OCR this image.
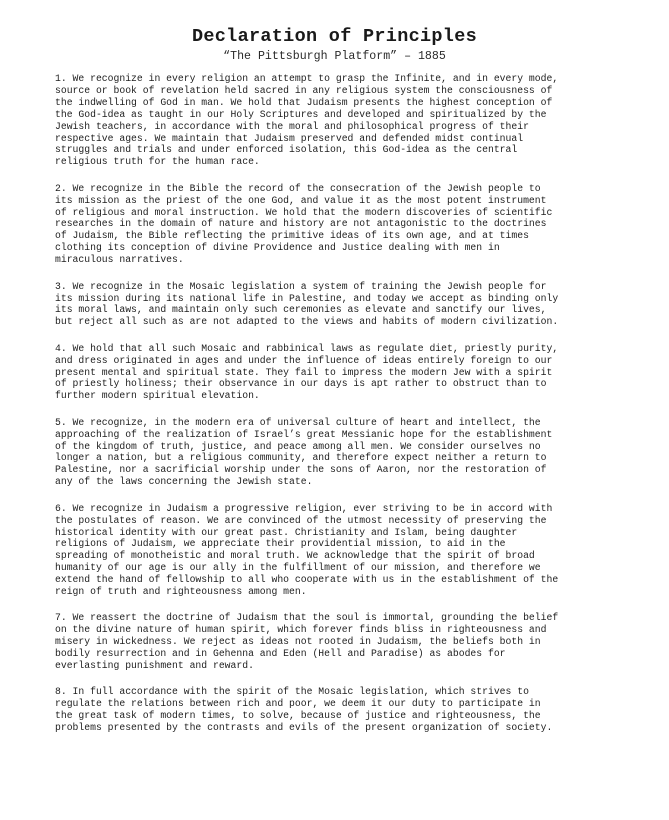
Declaration of Principles
“The Pittsburgh Platform” – 1885

1. We recognize in every religion an attempt to grasp the Infinite, and in every mode,
source or book of revelation held sacred in any religious system the consciousness of
the indwelling of God in man. We hold that Judaism presents the highest conception of
the God-idea as taught in our Holy Scriptures and developed and spiritualized by the
Jewish teachers, in accordance with the moral and philosophical progress of their
respective ages. We maintain that Judaism preserved and defended midst continual
struggles and trials and under enforced isolation, this God-idea as the central
religious truth for the human race.

2. We recognize in the Bible the record of the consecration of the Jewish people to
its mission as the priest of the one God, and value it as the most potent instrument
of religious and moral instruction. We hold that the modern discoveries of scientific
researches in the domain of nature and history are not antagonistic to the doctrines
of Judaism, the Bible reflecting the primitive ideas of its own age, and at times
clothing its conception of divine Providence and Justice dealing with men in
miraculous narratives.

3. We recognize in the Mosaic legislation a system of training the Jewish people for
its mission during its national life in Palestine, and today we accept as binding only
its moral laws, and maintain only such ceremonies as elevate and sanctify our lives,
but reject all such as are not adapted to the views and habits of modern civilization.

4. We hold that all such Mosaic and rabbinical laws as regulate diet, priestly purity,
and dress originated in ages and under the influence of ideas entirely foreign to our
present mental and spiritual state. They fail to impress the modern Jew with a spirit
of priestly holiness; their observance in our days is apt rather to obstruct than to
further modern spiritual elevation.

5. We recognize, in the modern era of universal culture of heart and intellect, the
approaching of the realization of Israel’s great Messianic hope for the establishment
of the kingdom of truth, justice, and peace among all men. We consider ourselves no
longer a nation, but a religious community, and therefore expect neither a return to
Palestine, nor a sacrificial worship under the sons of Aaron, nor the restoration of
any of the laws concerning the Jewish state.

6. We recognize in Judaism a progressive religion, ever striving to be in accord with
the postulates of reason. We are convinced of the utmost necessity of preserving the
historical identity with our great past. Christianity and Islam, being daughter
religions of Judaism, we appreciate their providential mission, to aid in the
spreading of monotheistic and moral truth. We acknowledge that the spirit of broad
humanity of our age is our ally in the fulfillment of our mission, and therefore we
extend the hand of fellowship to all who cooperate with us in the establishment of the
reign of truth and righteousness among men.

7. We reassert the doctrine of Judaism that the soul is immortal, grounding the belief
on the divine nature of human spirit, which forever finds bliss in righteousness and
misery in wickedness. We reject as ideas not rooted in Judaism, the beliefs both in
bodily resurrection and in Gehenna and Eden (Hell and Paradise) as abodes for
everlasting punishment and reward.

8. In full accordance with the spirit of the Mosaic legislation, which strives to
regulate the relations between rich and poor, we deem it our duty to participate in
the great task of modern times, to solve, because of justice and righteousness, the
problems presented by the contrasts and evils of the present organization of society.
